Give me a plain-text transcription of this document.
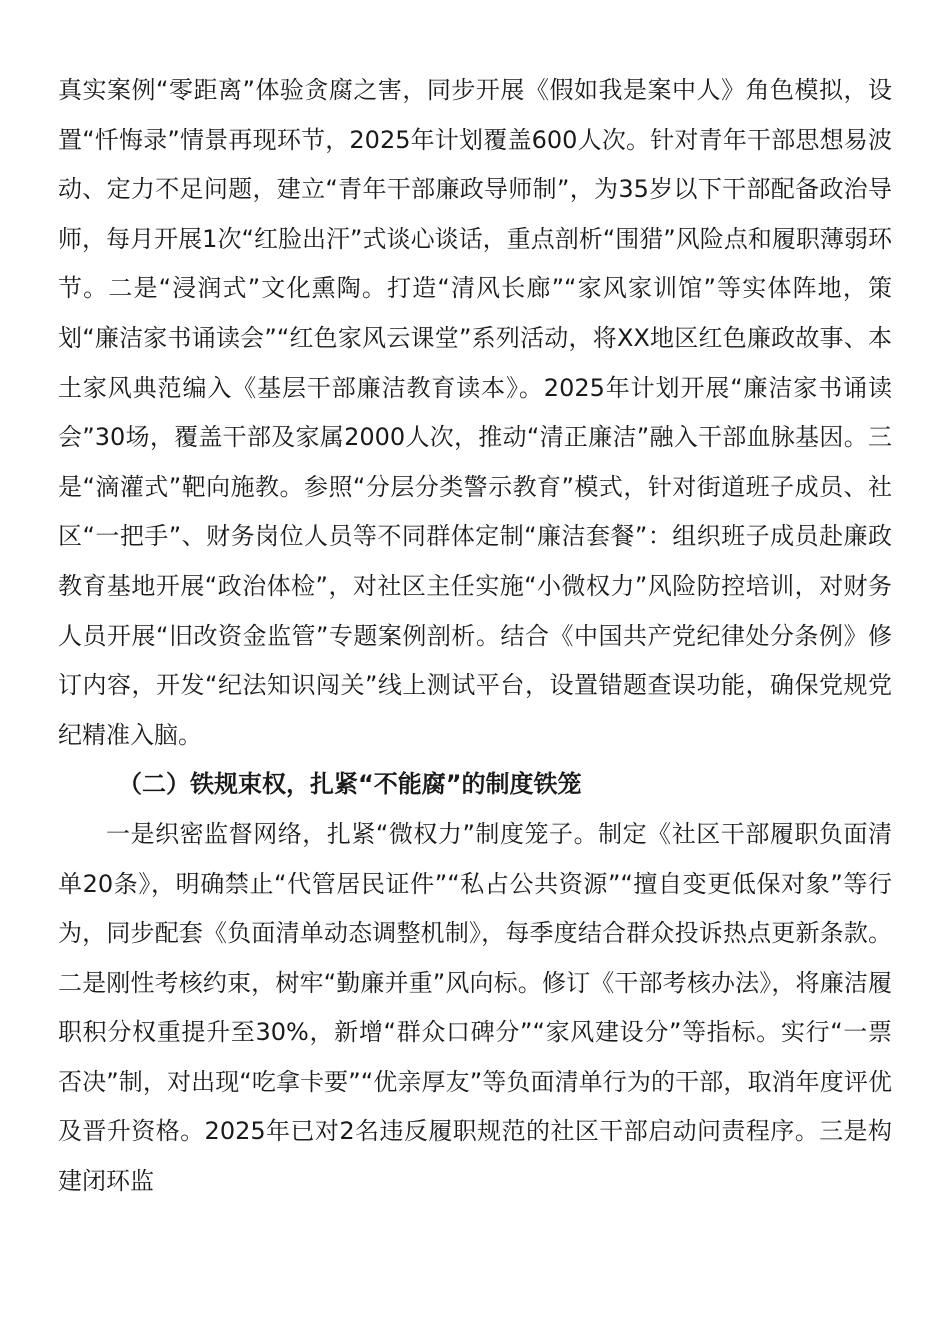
真实案例“零距离”体验贪腐之害，同步开展《假如我是案中人》角色模拟，设置“忏悔录”情景再现环节，2025年计划覆盖600人次。针对青年干部思想易波动、定力不足问题，建立“青年干部廉政导师制”，为35岁以下干部配备政治导师，每月开展1次“红脸出汗”式谈心谈话，重点剖析“围猎”风险点和履职薄弱环节。二是“浸润式”文化熏陶。打造“清风长廊”“家风家训馆”等实体阵地，策划“廉洁家书诵读会”“红色家风云课堂”系列活动，将XX地区红色廉政故事、本土家风典范编入《基层干部廉洁教育读本》。2025年计划开展“廉洁家书诵读会”30场，覆盖干部及家属2000人次，推动“清正廉洁”融入干部血脉基因。三是“滴灌式”靶向施教。参照“分层分类警示教育”模式，针对街道班子成员、社区“一把手”、财务岗位人员等不同群体定制“廉洁套餐”：组织班子成员赴廉政教育基地开展“政治体检”，对社区主任实施“小微权力”风险防控培训，对财务人员开展“旧改资金监管”专题案例剖析。结合《中国共产党纪律处分条例》修订内容，开发“纪法知识闯关”线上测试平台，设置错题查误功能，确保党规党纪精准入脑。

（二）铁规束权，扎紧“不能腐”的制度铁笼

一是织密监督网络，扎紧“微权力”制度笼子。制定《社区干部履职负面清单20条》，明确禁止“代管居民证件”“私占公共资源”“擅自变更低保对象”等行为，同步配套《负面清单动态调整机制》，每季度结合群众投诉热点更新条款。二是刚性考核约束，树牢“勤廉并重”风向标。修订《干部考核办法》，将廉洁履职积分权重提升至30%，新增“群众口碑分”“家风建设分”等指标。实行“一票否决”制，对出现“吃拿卡要”“优亲厚友”等负面清单行为的干部，取消年度评优及晋升资格。2025年已对2名违反履职规范的社区干部启动问责程序。三是构建闭环监
